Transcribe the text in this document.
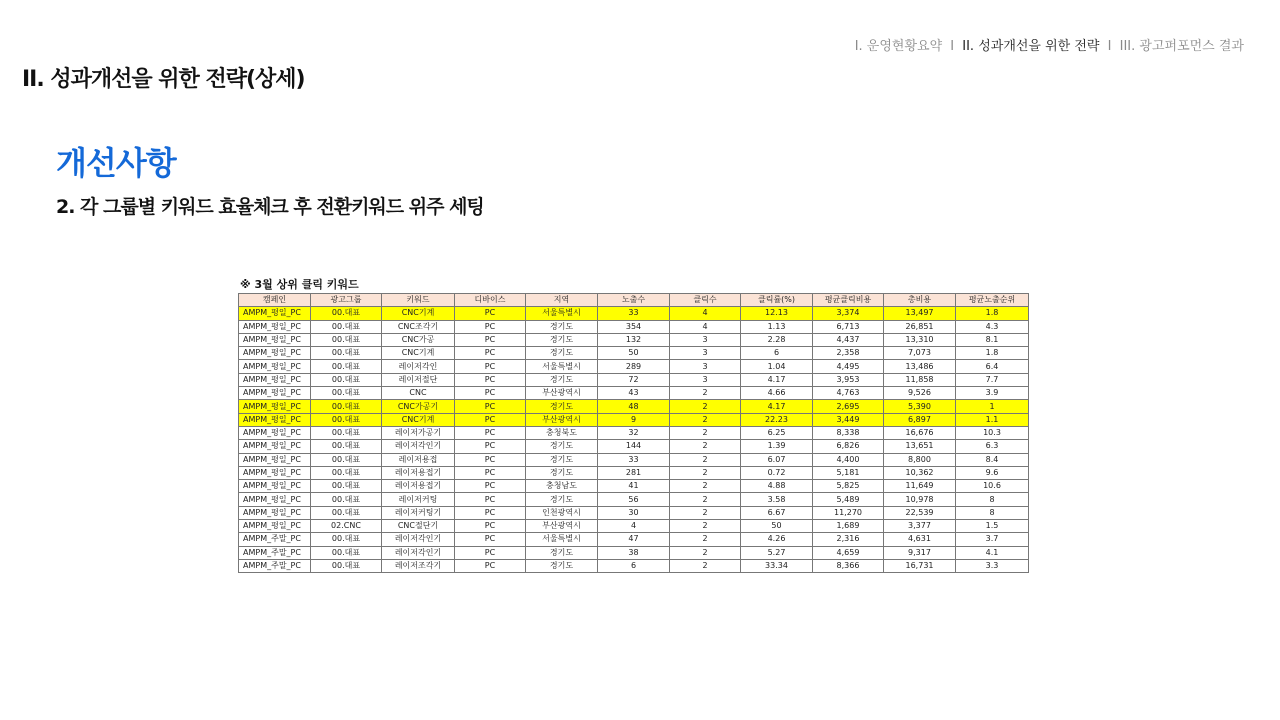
I. 운영현황요약 I II. 성과개선을 위한 전략 I III. 광고퍼포먼스 결과
II. 성과개선을 위한 전략(상세)
개선사항
2. 각 그룹별 키워드 효율체크 후 전환키워드 위주 세팅
※ 3월 상위 클릭 키워드
캠페인	광고그룹	키워드	디바이스	지역	노출수	클릭수	클릭률(%)	평균클릭비용	총비용	평균노출순위
AMPM_평일_PC	00.대표	CNC기계	PC	서울특별시	33	4	12.13	3,374	13,497	1.8
AMPM_평일_PC	00.대표	CNC조각기	PC	경기도	354	4	1.13	6,713	26,851	4.3
AMPM_평일_PC	00.대표	CNC가공	PC	경기도	132	3	2.28	4,437	13,310	8.1
AMPM_평일_PC	00.대표	CNC기계	PC	경기도	50	3	6	2,358	7,073	1.8
AMPM_평일_PC	00.대표	레이저각인	PC	서울특별시	289	3	1.04	4,495	13,486	6.4
AMPM_평일_PC	00.대표	레이저절단	PC	경기도	72	3	4.17	3,953	11,858	7.7
AMPM_평일_PC	00.대표	CNC	PC	부산광역시	43	2	4.66	4,763	9,526	3.9
AMPM_평일_PC	00.대표	CNC가공기	PC	경기도	48	2	4.17	2,695	5,390	1
AMPM_평일_PC	00.대표	CNC기계	PC	부산광역시	9	2	22.23	3,449	6,897	1.1
AMPM_평일_PC	00.대표	레이저가공기	PC	충청북도	32	2	6.25	8,338	16,676	10.3
AMPM_평일_PC	00.대표	레이저각인기	PC	경기도	144	2	1.39	6,826	13,651	6.3
AMPM_평일_PC	00.대표	레이저용접	PC	경기도	33	2	6.07	4,400	8,800	8.4
AMPM_평일_PC	00.대표	레이저용접기	PC	경기도	281	2	0.72	5,181	10,362	9.6
AMPM_평일_PC	00.대표	레이저용접기	PC	충청남도	41	2	4.88	5,825	11,649	10.6
AMPM_평일_PC	00.대표	레이저커팅	PC	경기도	56	2	3.58	5,489	10,978	8
AMPM_평일_PC	00.대표	레이저커팅기	PC	인천광역시	30	2	6.67	11,270	22,539	8
AMPM_평일_PC	02.CNC	CNC절단기	PC	부산광역시	4	2	50	1,689	3,377	1.5
AMPM_주말_PC	00.대표	레이저각인기	PC	서울특별시	47	2	4.26	2,316	4,631	3.7
AMPM_주말_PC	00.대표	레이저각인기	PC	경기도	38	2	5.27	4,659	9,317	4.1
AMPM_주말_PC	00.대표	레이저조각기	PC	경기도	6	2	33.34	8,366	16,731	3.3
